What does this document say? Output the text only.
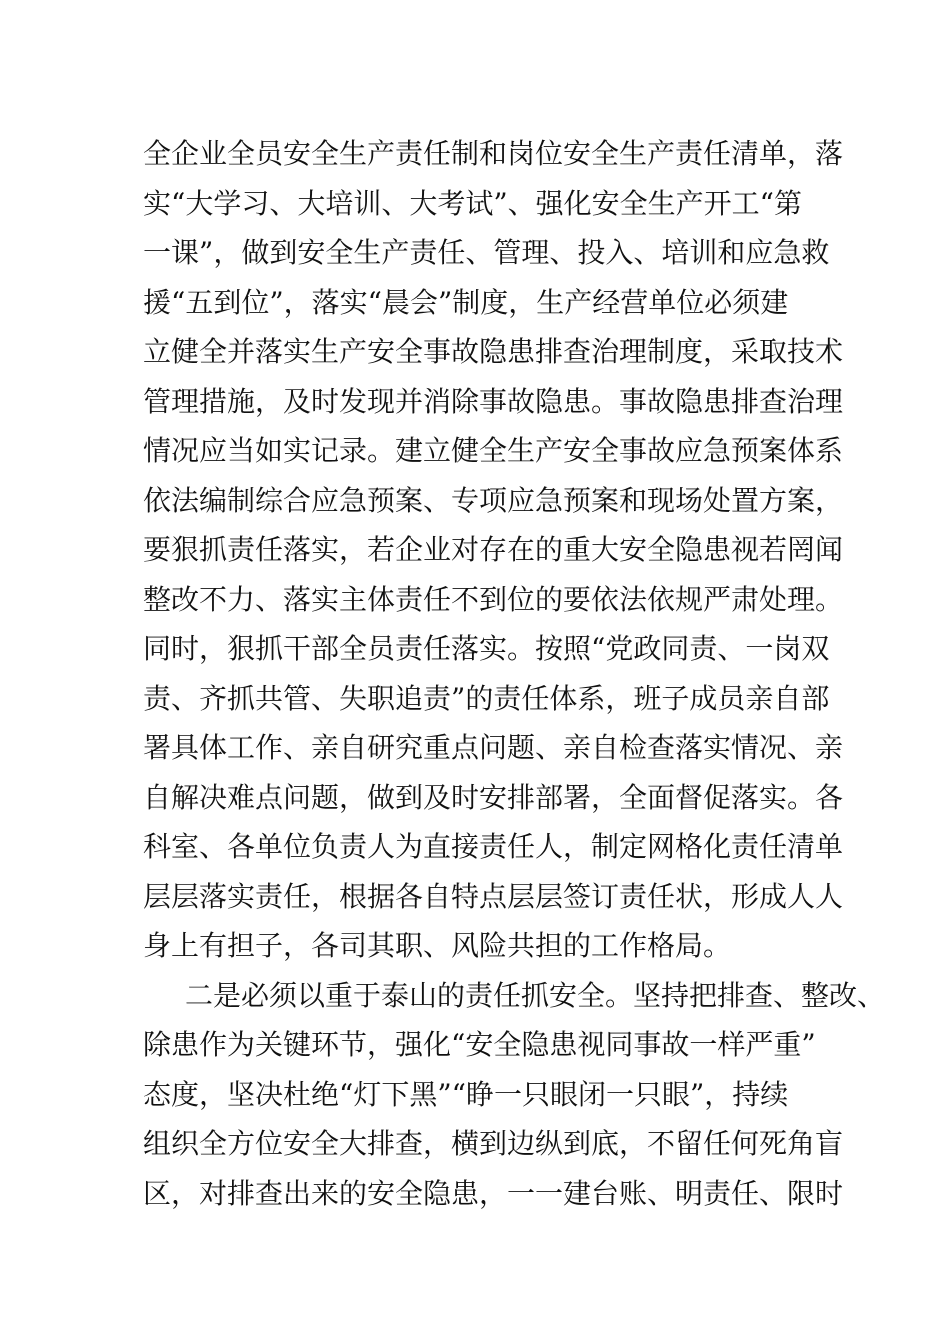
全企业全员安全生产责任制和岗位安全生产责任清单，落
实“大学习、大培训、大考试”、强化安全生产开工“第
一课”，做到安全生产责任、管理、投入、培训和应急救
援“五到位”，落实“晨会”制度，生产经营单位必须建
立健全并落实生产安全事故隐患排查治理制度，采取技术
管理措施，及时发现并消除事故隐患。事故隐患排查治理
情况应当如实记录。建立健全生产安全事故应急预案体系
依法编制综合应急预案、专项应急预案和现场处置方案，
要狠抓责任落实，若企业对存在的重大安全隐患视若罔闻
整改不力、落实主体责任不到位的要依法依规严肃处理。
同时，狠抓干部全员责任落实。按照“党政同责、一岗双
责、齐抓共管、失职追责”的责任体系，班子成员亲自部
署具体工作、亲自研究重点问题、亲自检查落实情况、亲
自解决难点问题，做到及时安排部署，全面督促落实。各
科室、各单位负责人为直接责任人，制定网格化责任清单
层层落实责任，根据各自特点层层签订责任状，形成人人
身上有担子，各司其职、风险共担的工作格局。
二是必须以重于泰山的责任抓安全。坚持把排查、整改、
除患作为关键环节，强化“安全隐患视同事故一样严重”
态度，坚决杜绝“灯下黑”“睁一只眼闭一只眼”，持续
组织全方位安全大排查，横到边纵到底，不留任何死角盲
区，对排查出来的安全隐患，一一建台账、明责任、限时
